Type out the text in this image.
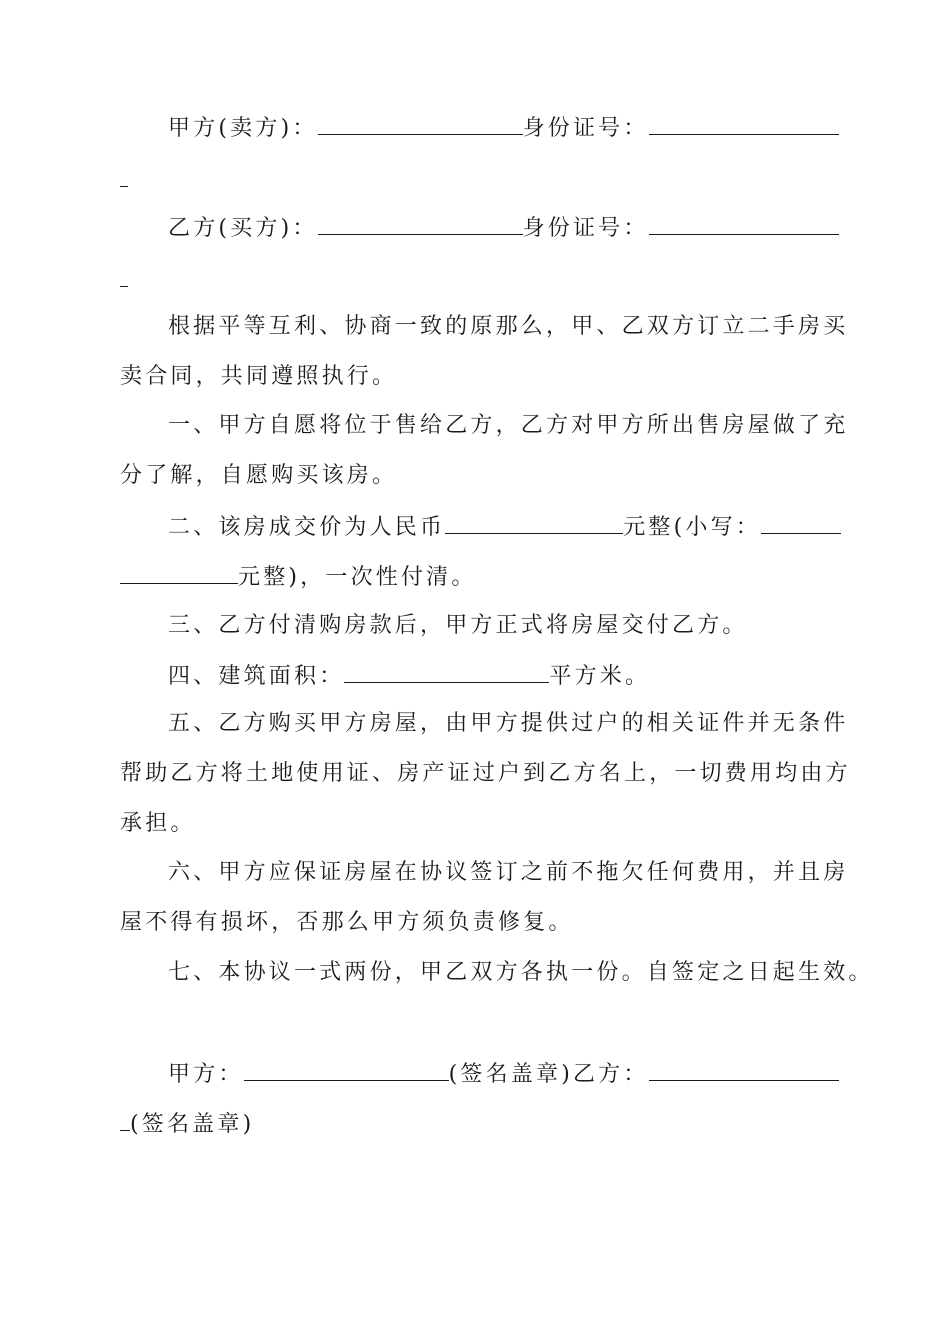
甲方(卖方)：	身份证号：
乙方(买方)：	身份证号：
根据平等互利、协商一致的原那么，甲、乙双方订立二手房买
卖合同，共同遵照执行。
一、甲方自愿将位于售给乙方，乙方对甲方所出售房屋做了充
分了解，自愿购买该房。
二、该房成交价为人民币	元整(小写：
元整)，一次性付清。
三、乙方付清购房款后，甲方正式将房屋交付乙方。
四、建筑面积：	平方米。
五、乙方购买甲方房屋，由甲方提供过户的相关证件并无条件
帮助乙方将土地使用证、房产证过户到乙方名上，一切费用均由方
承担。
六、甲方应保证房屋在协议签订之前不拖欠任何费用，并且房
屋不得有损坏，否那么甲方须负责修复。
七、本协议一式两份，甲乙双方各执一份。自签定之日起生效。
甲方：	(签名盖章)乙方：
(签名盖章)
